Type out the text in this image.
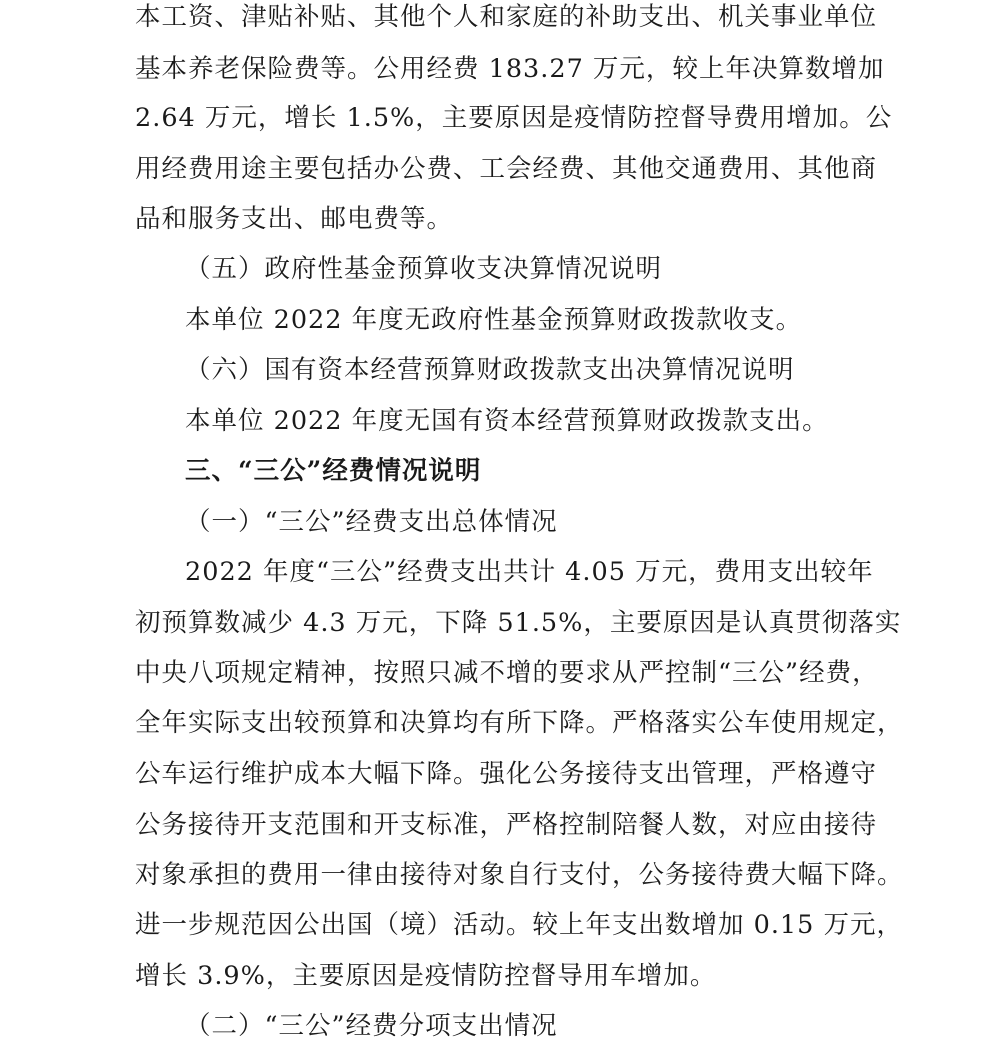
本工资、津贴补贴、其他个人和家庭的补助支出、机关事业单位
基本养老保险费等。公用经费 183.27 万元，较上年决算数增加
2.64 万元，增长 1.5%，主要原因是疫情防控督导费用增加。公
用经费用途主要包括办公费、工会经费、其他交通费用、其他商
品和服务支出、邮电费等。
（五）政府性基金预算收支决算情况说明
本单位 2022 年度无政府性基金预算财政拨款收支。
（六）国有资本经营预算财政拨款支出决算情况说明
本单位 2022 年度无国有资本经营预算财政拨款支出。
三、“三公”经费情况说明
（一）“三公”经费支出总体情况
2022 年度“三公”经费支出共计 4.05 万元，费用支出较年
初预算数减少 4.3 万元，下降 51.5%，主要原因是认真贯彻落实
中央八项规定精神，按照只减不增的要求从严控制“三公”经费，
全年实际支出较预算和决算均有所下降。严格落实公车使用规定，
公车运行维护成本大幅下降。强化公务接待支出管理，严格遵守
公务接待开支范围和开支标准，严格控制陪餐人数，对应由接待
对象承担的费用一律由接待对象自行支付，公务接待费大幅下降。
进一步规范因公出国（境）活动。较上年支出数增加 0.15 万元，
增长 3.9%，主要原因是疫情防控督导用车增加。
（二）“三公”经费分项支出情况
